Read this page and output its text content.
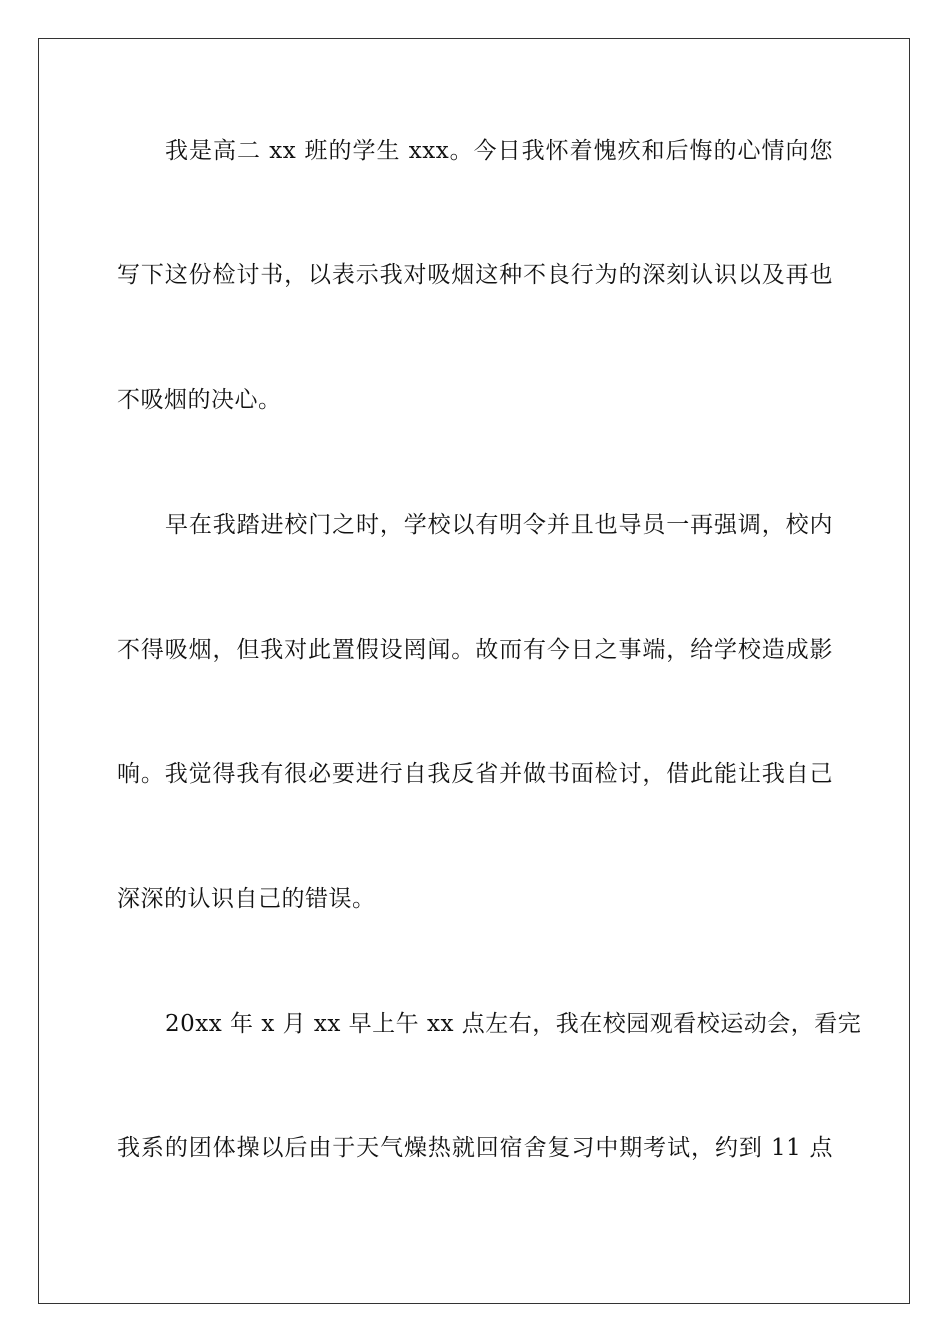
我是高二 xx 班的学生 xxx。今日我怀着愧疚和后悔的心情向您

写下这份检讨书，以表示我对吸烟这种不良行为的深刻认识以及再也

不吸烟的决心。

早在我踏进校门之时，学校以有明令并且也导员一再强调，校内

不得吸烟，但我对此置假设罔闻。故而有今日之事端，给学校造成影

响。我觉得我有很必要进行自我反省并做书面检讨，借此能让我自己

深深的认识自己的错误。

20xx 年 x 月 xx 早上午 xx 点左右，我在校园观看校运动会，看完

我系的团体操以后由于天气燥热就回宿舍复习中期考试，约到 11 点
